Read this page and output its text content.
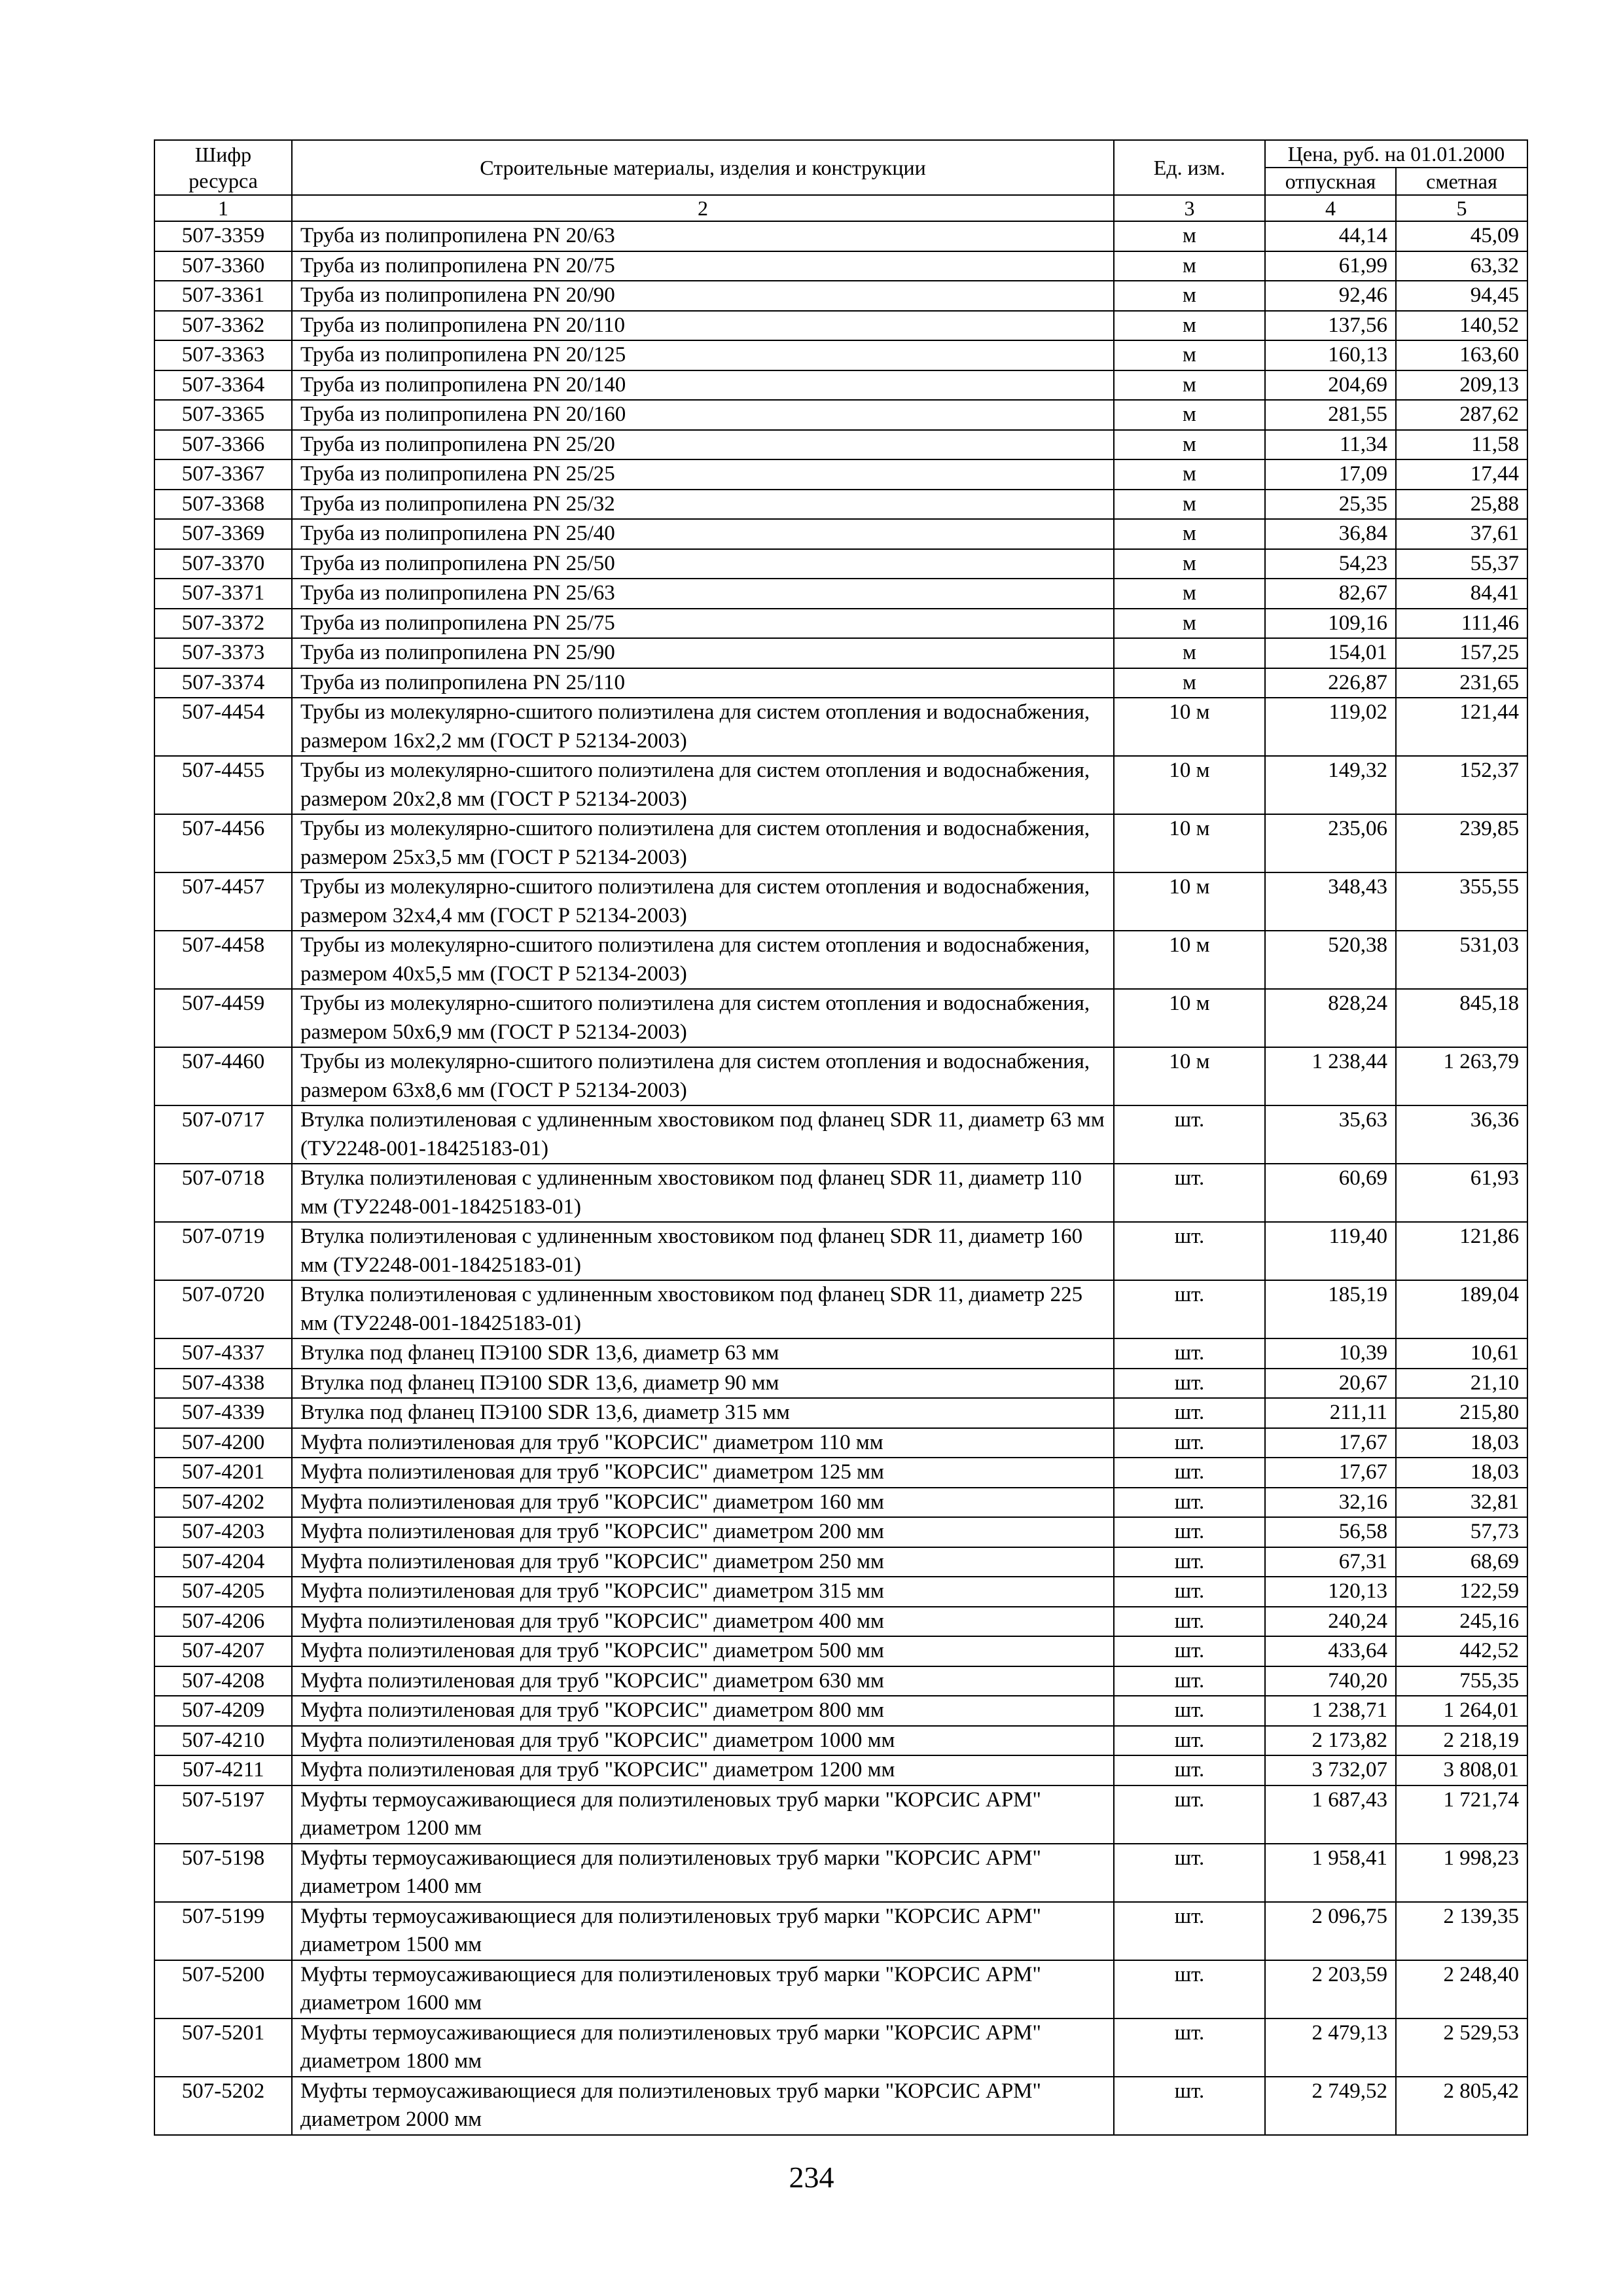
Шифр ресурса	Строительные материалы, изделия и конструкции	Ед. изм.	Цена, руб. на 01.01.2000	
			отпускная	сметная
1	2	3	4	5
507-3359	Труба из полипропилена PN 20/63	м	44,14	45,09
507-3360	Труба из полипропилена PN 20/75	м	61,99	63,32
507-3361	Труба из полипропилена PN 20/90	м	92,46	94,45
507-3362	Труба из полипропилена PN 20/110	м	137,56	140,52
507-3363	Труба из полипропилена PN 20/125	м	160,13	163,60
507-3364	Труба из полипропилена PN 20/140	м	204,69	209,13
507-3365	Труба из полипропилена PN 20/160	м	281,55	287,62
507-3366	Труба из полипропилена PN 25/20	м	11,34	11,58
507-3367	Труба из полипропилена PN 25/25	м	17,09	17,44
507-3368	Труба из полипропилена PN 25/32	м	25,35	25,88
507-3369	Труба из полипропилена PN 25/40	м	36,84	37,61
507-3370	Труба из полипропилена PN 25/50	м	54,23	55,37
507-3371	Труба из полипропилена PN 25/63	м	82,67	84,41
507-3372	Труба из полипропилена PN 25/75	м	109,16	111,46
507-3373	Труба из полипропилена PN 25/90	м	154,01	157,25
507-3374	Труба из полипропилена PN 25/110	м	226,87	231,65
507-4454	Трубы из молекулярно-сшитого полиэтилена для систем отопления и водоснабжения, размером 16x2,2 мм (ГОСТ Р 52134-2003)	10 м	119,02	121,44
507-4455	Трубы из молекулярно-сшитого полиэтилена для систем отопления и водоснабжения, размером 20x2,8 мм (ГОСТ Р 52134-2003)	10 м	149,32	152,37
507-4456	Трубы из молекулярно-сшитого полиэтилена для систем отопления и водоснабжения, размером 25x3,5 мм (ГОСТ Р 52134-2003)	10 м	235,06	239,85
507-4457	Трубы из молекулярно-сшитого полиэтилена для систем отопления и водоснабжения, размером 32x4,4 мм (ГОСТ Р 52134-2003)	10 м	348,43	355,55
507-4458	Трубы из молекулярно-сшитого полиэтилена для систем отопления и водоснабжения, размером 40x5,5 мм (ГОСТ Р 52134-2003)	10 м	520,38	531,03
507-4459	Трубы из молекулярно-сшитого полиэтилена для систем отопления и водоснабжения, размером 50x6,9 мм (ГОСТ Р 52134-2003)	10 м	828,24	845,18
507-4460	Трубы из молекулярно-сшитого полиэтилена для систем отопления и водоснабжения, размером 63x8,6 мм (ГОСТ Р 52134-2003)	10 м	1 238,44	1 263,79
507-0717	Втулка полиэтиленовая с удлиненным хвостовиком под фланец SDR 11, диаметр 63 мм (ТУ2248-001-18425183-01)	шт.	35,63	36,36
507-0718	Втулка полиэтиленовая с удлиненным хвостовиком под фланец SDR 11, диаметр 110 мм (ТУ2248-001-18425183-01)	шт.	60,69	61,93
507-0719	Втулка полиэтиленовая с удлиненным хвостовиком под фланец SDR 11, диаметр 160 мм (ТУ2248-001-18425183-01)	шт.	119,40	121,86
507-0720	Втулка полиэтиленовая с удлиненным хвостовиком под фланец SDR 11, диаметр 225 мм (ТУ2248-001-18425183-01)	шт.	185,19	189,04
507-4337	Втулка под фланец ПЭ100 SDR 13,6, диаметр 63 мм	шт.	10,39	10,61
507-4338	Втулка под фланец ПЭ100 SDR 13,6, диаметр 90 мм	шт.	20,67	21,10
507-4339	Втулка под фланец ПЭ100 SDR 13,6, диаметр 315 мм	шт.	211,11	215,80
507-4200	Муфта полиэтиленовая для труб "КОРСИС" диаметром 110 мм	шт.	17,67	18,03
507-4201	Муфта полиэтиленовая для труб "КОРСИС" диаметром 125 мм	шт.	17,67	18,03
507-4202	Муфта полиэтиленовая для труб "КОРСИС" диаметром 160 мм	шт.	32,16	32,81
507-4203	Муфта полиэтиленовая для труб "КОРСИС" диаметром 200 мм	шт.	56,58	57,73
507-4204	Муфта полиэтиленовая для труб "КОРСИС" диаметром 250 мм	шт.	67,31	68,69
507-4205	Муфта полиэтиленовая для труб "КОРСИС" диаметром 315 мм	шт.	120,13	122,59
507-4206	Муфта полиэтиленовая для труб "КОРСИС" диаметром 400 мм	шт.	240,24	245,16
507-4207	Муфта полиэтиленовая для труб "КОРСИС" диаметром 500 мм	шт.	433,64	442,52
507-4208	Муфта полиэтиленовая для труб "КОРСИС" диаметром 630 мм	шт.	740,20	755,35
507-4209	Муфта полиэтиленовая для труб "КОРСИС" диаметром 800 мм	шт.	1 238,71	1 264,01
507-4210	Муфта полиэтиленовая для труб "КОРСИС" диаметром 1000 мм	шт.	2 173,82	2 218,19
507-4211	Муфта полиэтиленовая для труб "КОРСИС" диаметром 1200 мм	шт.	3 732,07	3 808,01
507-5197	Муфты термоусаживающиеся для полиэтиленовых труб марки "КОРСИС АРМ" диаметром 1200 мм	шт.	1 687,43	1 721,74
507-5198	Муфты термоусаживающиеся для полиэтиленовых труб марки "КОРСИС АРМ" диаметром 1400 мм	шт.	1 958,41	1 998,23
507-5199	Муфты термоусаживающиеся для полиэтиленовых труб марки "КОРСИС АРМ" диаметром 1500 мм	шт.	2 096,75	2 139,35
507-5200	Муфты термоусаживающиеся для полиэтиленовых труб марки "КОРСИС АРМ" диаметром 1600 мм	шт.	2 203,59	2 248,40
507-5201	Муфты термоусаживающиеся для полиэтиленовых труб марки "КОРСИС АРМ" диаметром 1800 мм	шт.	2 479,13	2 529,53
507-5202	Муфты термоусаживающиеся для полиэтиленовых труб марки "КОРСИС АРМ" диаметром 2000 мм	шт.	2 749,52	2 805,42
234
